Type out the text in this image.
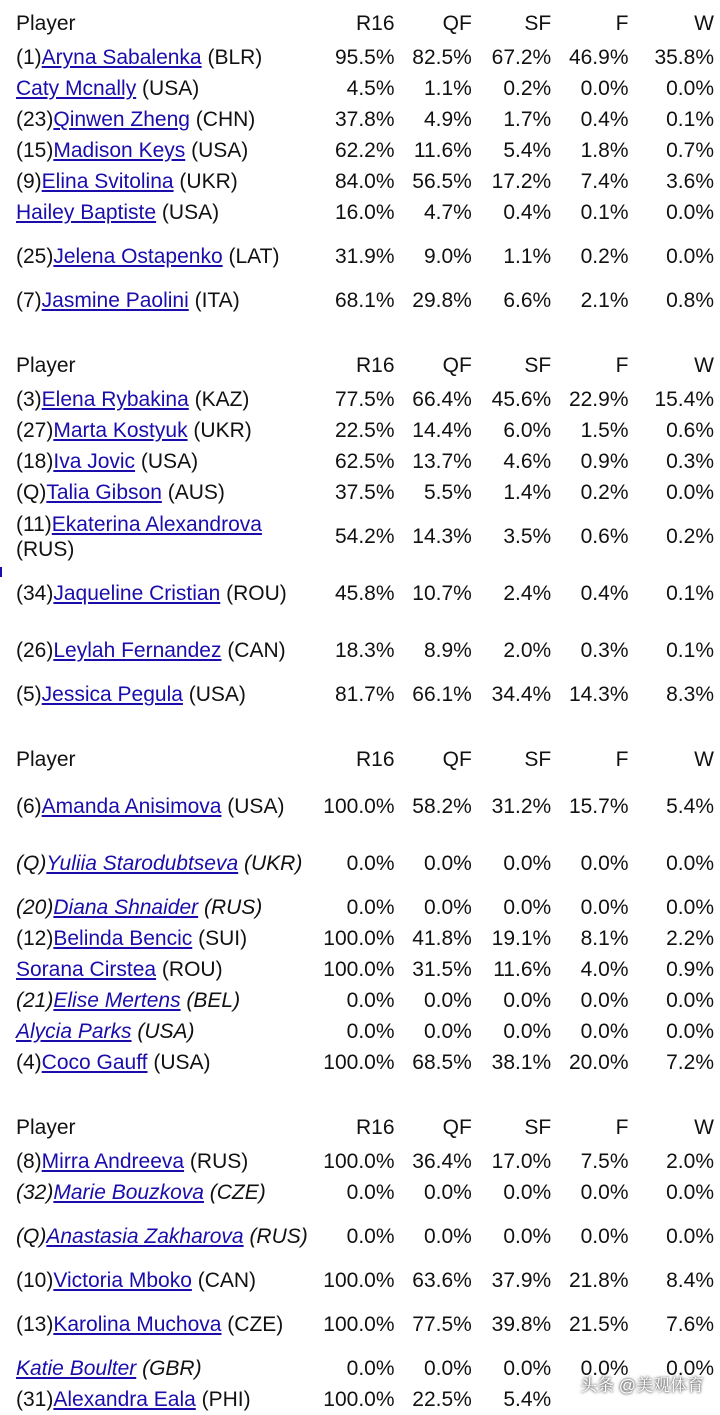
Player	R16	QF	SF	F	W
(1)Aryna Sabalenka (BLR)	95.5%	82.5%	67.2%	46.9%	35.8%
Caty Mcnally (USA)	4.5%	1.1%	0.2%	0.0%	0.0%
(23)Qinwen Zheng (CHN)	37.8%	4.9%	1.7%	0.4%	0.1%
(15)Madison Keys (USA)	62.2%	11.6%	5.4%	1.8%	0.7%
(9)Elina Svitolina (UKR)	84.0%	56.5%	17.2%	7.4%	3.6%
Hailey Baptiste (USA)	16.0%	4.7%	0.4%	0.1%	0.0%
(25)Jelena Ostapenko (LAT)	31.9%	9.0%	1.1%	0.2%	0.0%
(7)Jasmine Paolini (ITA)	68.1%	29.8%	6.6%	2.1%	0.8%
Player	R16	QF	SF	F	W
(3)Elena Rybakina (KAZ)	77.5%	66.4%	45.6%	22.9%	15.4%
(27)Marta Kostyuk (UKR)	22.5%	14.4%	6.0%	1.5%	0.6%
(18)Iva Jovic (USA)	62.5%	13.7%	4.6%	0.9%	0.3%
(Q)Talia Gibson (AUS)	37.5%	5.5%	1.4%	0.2%	0.0%
(11)Ekaterina Alexandrova (RUS)	54.2%	14.3%	3.5%	0.6%	0.2%
(34)Jaqueline Cristian (ROU)	45.8%	10.7%	2.4%	0.4%	0.1%
(26)Leylah Fernandez (CAN)	18.3%	8.9%	2.0%	0.3%	0.1%
(5)Jessica Pegula (USA)	81.7%	66.1%	34.4%	14.3%	8.3%
Player	R16	QF	SF	F	W
(6)Amanda Anisimova (USA)	100.0%	58.2%	31.2%	15.7%	5.4%
(Q)Yuliia Starodubtseva (UKR)	0.0%	0.0%	0.0%	0.0%	0.0%
(20)Diana Shnaider (RUS)	0.0%	0.0%	0.0%	0.0%	0.0%
(12)Belinda Bencic (SUI)	100.0%	41.8%	19.1%	8.1%	2.2%
Sorana Cirstea (ROU)	100.0%	31.5%	11.6%	4.0%	0.9%
(21)Elise Mertens (BEL)	0.0%	0.0%	0.0%	0.0%	0.0%
Alycia Parks (USA)	0.0%	0.0%	0.0%	0.0%	0.0%
(4)Coco Gauff (USA)	100.0%	68.5%	38.1%	20.0%	7.2%
Player	R16	QF	SF	F	W
(8)Mirra Andreeva (RUS)	100.0%	36.4%	17.0%	7.5%	2.0%
(32)Marie Bouzkova (CZE)	0.0%	0.0%	0.0%	0.0%	0.0%
(Q)Anastasia Zakharova (RUS)	0.0%	0.0%	0.0%	0.0%	0.0%
(10)Victoria Mboko (CAN)	100.0%	63.6%	37.9%	21.8%	8.4%
(13)Karolina Muchova (CZE)	100.0%	77.5%	39.8%	21.5%	7.6%
Katie Boulter (GBR)	0.0%	0.0%	0.0%	0.0%	0.0%
(31)Alexandra Eala (PHI)	100.0%	22.5%	5.4%		
头条 @美观体育
